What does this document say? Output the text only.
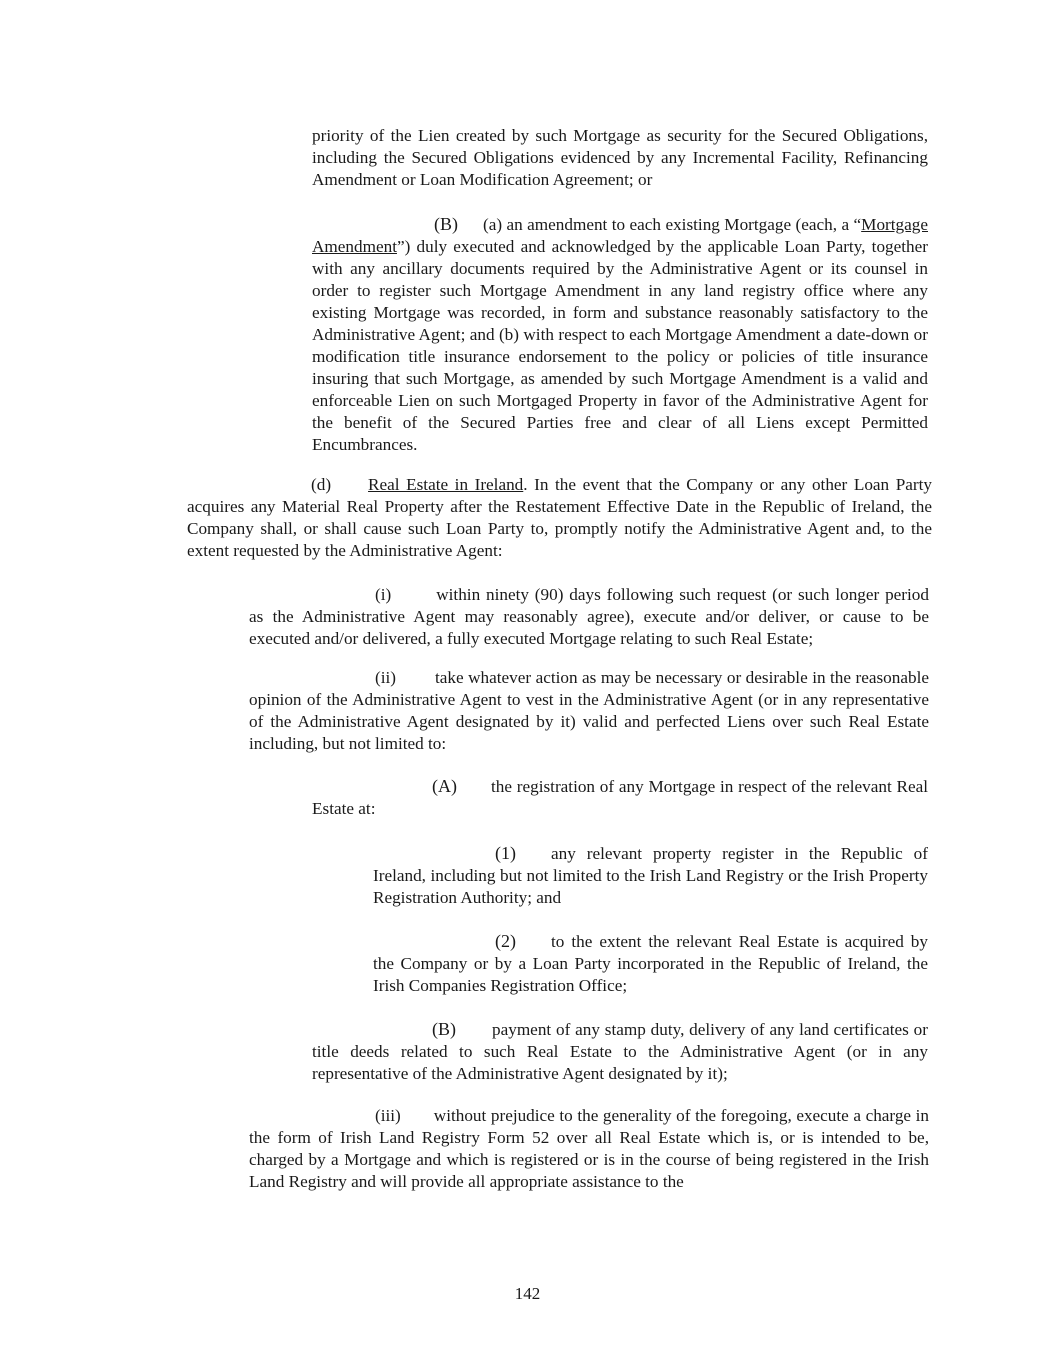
priority of the Lien created by such Mortgage as security for the Secured Obligations, including the Secured Obligations evidenced by any Incremental Facility, Refinancing Amendment or Loan Modification Agreement; or

(B) (a) an amendment to each existing Mortgage (each, a “Mortgage Amendment”) duly executed and acknowledged by the applicable Loan Party, together with any ancillary documents required by the Administrative Agent or its counsel in order to register such Mortgage Amendment in any land registry office where any existing Mortgage was recorded, in form and substance reasonably satisfactory to the Administrative Agent; and (b) with respect to each Mortgage Amendment a date-down or modification title insurance endorsement to the policy or policies of title insurance insuring that such Mortgage, as amended by such Mortgage Amendment is a valid and enforceable Lien on such Mortgaged Property in favor of the Administrative Agent for the benefit of the Secured Parties free and clear of all Liens except Permitted Encumbrances.

(d) Real Estate in Ireland. In the event that the Company or any other Loan Party acquires any Material Real Property after the Restatement Effective Date in the Republic of Ireland, the Company shall, or shall cause such Loan Party to, promptly notify the Administrative Agent and, to the extent requested by the Administrative Agent:

(i)	within ninety (90) days following such request (or such longer period as the Administrative Agent may reasonably agree), execute and/or deliver, or cause to be executed and/or delivered, a fully executed Mortgage relating to such Real Estate;

(ii) take whatever action as may be necessary or desirable in the reasonable opinion of the Administrative Agent to vest in the Administrative Agent (or in any representative of the Administrative Agent designated by it) valid and perfected Liens over such Real Estate including, but not limited to:

(A) the registration of any Mortgage in respect of the relevant Real Estate at:

(1) any relevant property register in the Republic of Ireland, including but not limited to the Irish Land Registry or the Irish Property Registration Authority; and

(2) to the extent the relevant Real Estate is acquired by the Company or by a Loan Party incorporated in the Republic of Ireland, the Irish Companies Registration Office;

(B) payment of any stamp duty, delivery of any land certificates or title deeds related to such Real Estate to the Administrative Agent (or in any representative of the Administrative Agent designated by it);

(iii) without prejudice to the generality of the foregoing, execute a charge in the form of Irish Land Registry Form 52 over all Real Estate which is, or is intended to be, charged by a Mortgage and which is registered or is in the course of being registered in the Irish Land Registry and will provide all appropriate assistance to the

142
